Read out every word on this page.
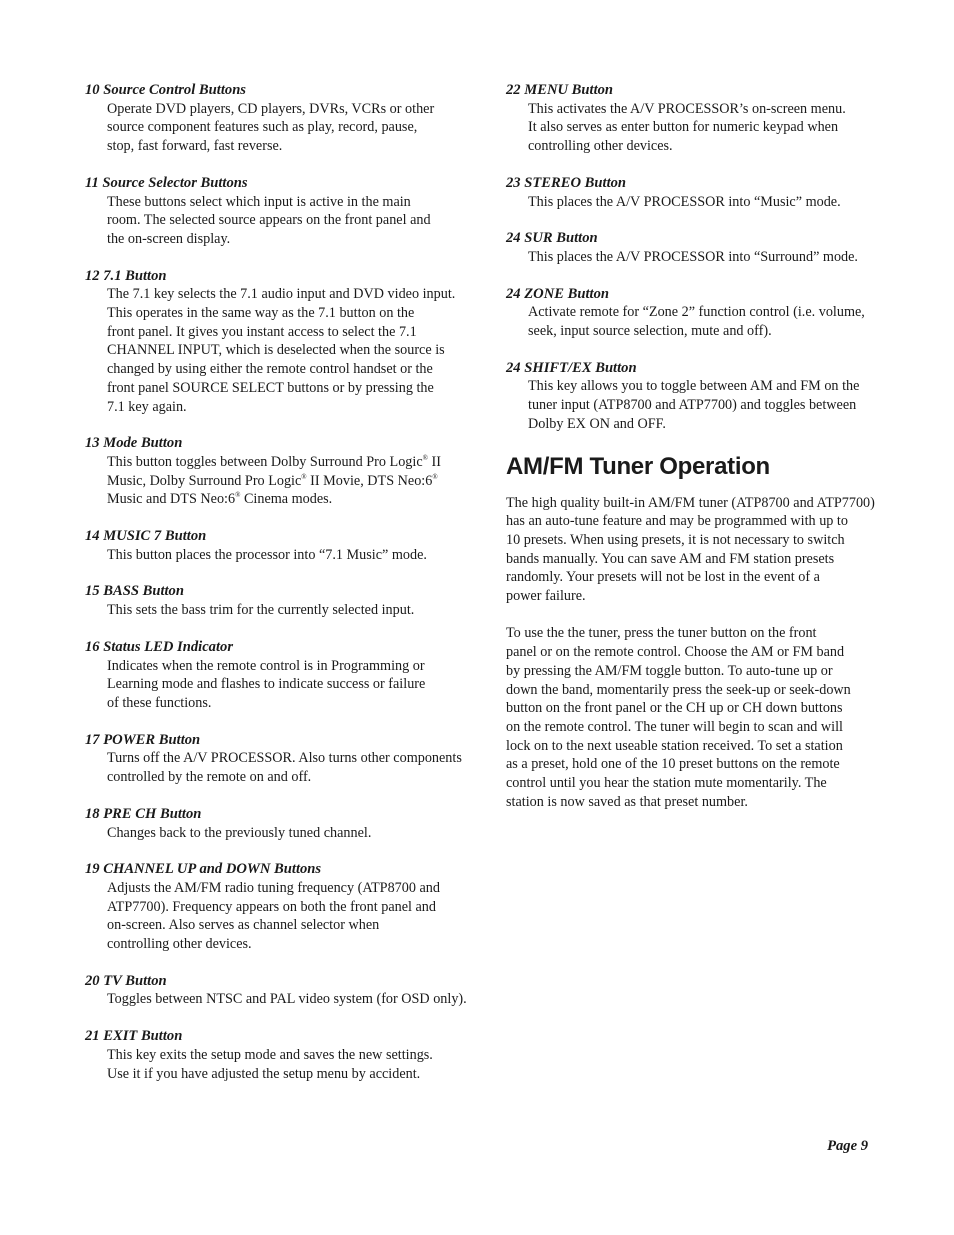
10 Source Control Buttons

Operate DVD players, CD players, DVRs, VCRs or other

source component features such as play, record, pause,

stop, fast forward, fast reverse.

11 Source Selector Buttons

These buttons select which input is active in the main

room. The selected source appears on the front panel and

the on-screen display.

12 7.1 Button

The 7.1 key selects the 7.1 audio input and DVD video input.

This operates in the same way as the 7.1 button on the

front panel. It gives you instant access to select the 7.1

CHANNEL INPUT, which is deselected when the source is

changed by using either the remote control handset or the

front panel SOURCE SELECT buttons or by pressing the

7.1 key again.

13 Mode Button

This button toggles between Dolby Surround Pro Logic® II

Music, Dolby Surround Pro Logic® II Movie, DTS Neo:6®

Music and DTS Neo:6® Cinema modes.

14 MUSIC 7 Button

This button places the processor into “7.1 Music” mode.

15 BASS Button

This sets the bass trim for the currently selected input.

16 Status LED Indicator

Indicates when the remote control is in Programming or

Learning mode and flashes to indicate success or failure

of these functions.

17 POWER Button

Turns off the A/V PROCESSOR. Also turns other components

controlled by the remote on and off.

18 PRE CH Button

Changes back to the previously tuned channel.

19 CHANNEL UP and DOWN Buttons

Adjusts the AM/FM radio tuning frequency (ATP8700 and

ATP7700). Frequency appears on both the front panel and

on-screen. Also serves as channel selector when

controlling other devices.

20 TV Button

Toggles between NTSC and PAL video system (for OSD only).

21 EXIT Button

This key exits the setup mode and saves the new settings.

Use it if you have adjusted the setup menu by accident.

22 MENU Button

This activates the A/V PROCESSOR’s on-screen menu.

It also serves as enter button for numeric keypad when

controlling other devices.

23 STEREO Button

This places the A/V PROCESSOR into “Music” mode.

24 SUR Button

This places the A/V PROCESSOR into “Surround” mode.

24 ZONE Button

Activate remote for “Zone 2” function control (i.e. volume,

seek, input source selection, mute and off).

24 SHIFT/EX Button

This key allows you to toggle between AM and FM on the

tuner input (ATP8700 and ATP7700) and toggles between

Dolby EX ON and OFF.

AM/FM Tuner Operation

The high quality built-in AM/FM tuner (ATP8700 and ATP7700)

has an auto-tune feature and may be programmed with up to

10 presets. When using presets, it is not necessary to switch

bands manually. You can save AM and FM station presets

randomly. Your presets will not be lost in the event of a

power failure.

To use the the tuner, press the tuner button on the front

panel or on the remote control. Choose the AM or FM band

by pressing the AM/FM toggle button. To auto-tune up or

down the band, momentarily press the seek-up or seek-down

button on the front panel or the CH up or CH down buttons

on the remote control. The tuner will begin to scan and will

lock on to the next useable station received. To set a station

as a preset, hold one of the 10 preset buttons on the remote

control until you hear the station mute momentarily. The

station is now saved as that preset number.

Page 9
